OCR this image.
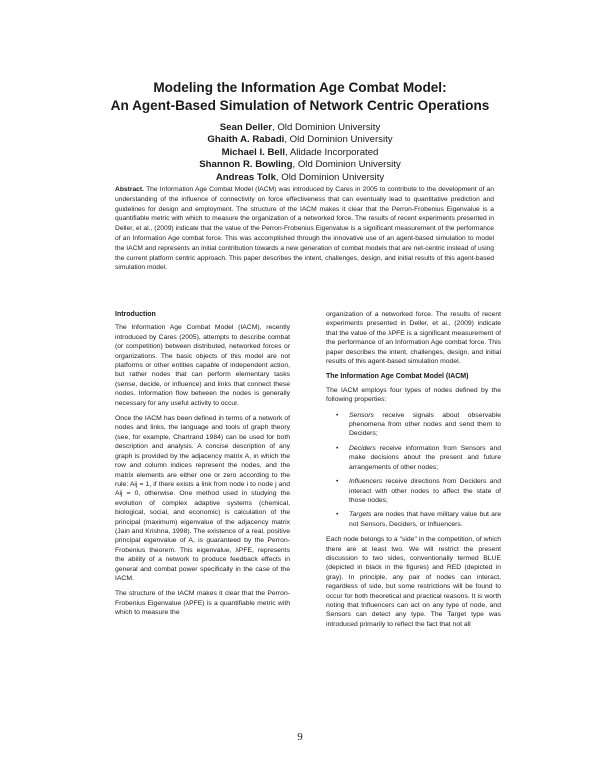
Modeling the Information Age Combat Model:

An Agent-Based Simulation of Network Centric Operations

Sean Deller, Old Dominion University
Ghaith A. Rabadi, Old Dominion University
Michael I. Bell, Alidade Incorporated
Shannon R. Bowling, Old Dominion University
Andreas Tolk, Old Dominion University

Abstract. The Information Age Combat Model (IACM) was introduced by Cares in 2005 to contribute to the development of an understanding of the influence of connectivity on force effectiveness that can eventually lead to quantitative prediction and guidelines for design and employment. The structure of the IACM makes it clear that the Perron-Frobenius Eigenvalue is a quantifiable metric with which to measure the organization of a networked force. The results of recent experiments presented in Deller, et al., (2009) indicate that the value of the Perron-Frobenius Eigenvalue is a significant measurement of the performance of an Information Age combat force. This was accomplished through the innovative use of an agent-based simulation to model the IACM and represents an initial contribution towards a new generation of combat models that are net-centric instead of using the current platform centric approach. This paper describes the intent, challenges, design, and initial results of this agent-based simulation model.

Introduction

The Information Age Combat Model (IACM), recently introduced by Cares (2005), attempts to describe combat (or competition) between distributed, networked forces or organizations. The basic objects of this model are not platforms or other entities capable of independent action, but rather nodes that can perform elementary tasks (sense, decide, or influence) and links that connect these nodes. Information flow between the nodes is generally necessary for any useful activity to occur.

Once the IACM has been defined in terms of a network of nodes and links, the language and tools of graph theory (see, for example, Chartrand 1984) can be used for both description and analysis. A concise description of any graph is provided by the adjacency matrix A, in which the row and column indices represent the nodes, and the matrix elements are either one or zero according to the rule: Aij = 1, if there exists a link from node i to node j and Aij = 0, otherwise. One method used in studying the evolution of complex adaptive systems (chemical, biological, social, and economic) is calculation of the principal (maximum) eigenvalue of the adjacency matrix (Jain and Krishna, 1998). The existence of a real, positive principal eigenvalue of A, is guaranteed by the Perron-Frobenius theorem. This eigenvalue, λPFE, represents the ability of a network to produce feedback effects in general and combat power specifically in the case of the IACM.

The structure of the IACM makes it clear that the Perron-Frobenius Eigenvalue (λPFE) is a quantifiable metric with which to measure the

organization of a networked force. The results of recent experiments presented in Deller, et al., (2009) indicate that the value of the λPFE is a significant measurement of the performance of an Information Age combat force. This paper describes the intent, challenges, design, and initial results of this agent-based simulation model.

The Information Age Combat Model (IACM)

The IACM employs four types of nodes defined by the following properties:

• Sensors receive signals about observable phenomena from other nodes and send them to Deciders;
• Deciders receive information from Sensors and make decisions about the present and future arrangements of other nodes;
• Influencers receive directions from Deciders and interact with other nodes to affect the state of those nodes;
• Targets are nodes that have military value but are not Sensors, Deciders, or Influencers.

Each node belongs to a "side" in the competition, of which there are at least two. We will restrict the present discussion to two sides, conventionally termed BLUE (depicted in black in the figures) and RED (depicted in gray). In principle, any pair of nodes can interact, regardless of side, but some restrictions will be found to occur for both theoretical and practical reasons. It is worth noting that Influencers can act on any type of node, and Sensors can detect any type. The Target type was introduced primarily to reflect the fact that not all

9
